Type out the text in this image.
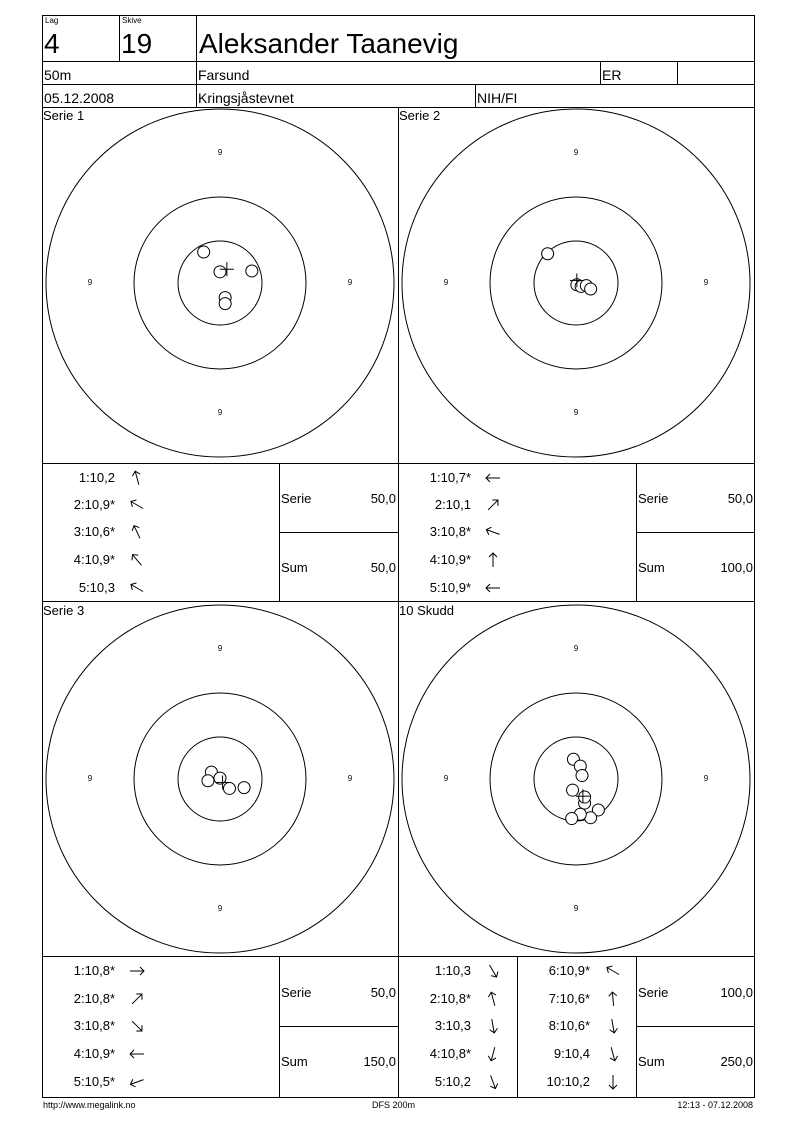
Lag
4
Skive
19 Aleksander Taanevig
50m	Farsund	ER
05.12.2008	Kringsjåstevnet	NIH/FI
9
9
9	9
9
9
9	9
9
9
9	9
9
9
9	9
Serie 1	Serie 2
Serie 3	10 Skudd
1:10,2
2:10,9*
3:10,6*
4:10,9*
5:10,3
1:10,7*
2:10,1
3:10,8*
4:10,9*
5:10,9*
1:10,8*
2:10,8*
3:10,8*
4:10,9*
5:10,5*
1:10,3
2:10,8*
3:10,3
4:10,8*
5:10,2
6:10,9*
7:10,6*
8:10,6*
9:10,4
10:10,2
Serie	50,0
Sum	50,0
Serie	50,0
Sum	100,0
Serie	50,0
Sum	150,0
Serie	100,0
Sum	250,0
http://www.megalink.no	DFS 200m	12:13 - 07.12.2008
